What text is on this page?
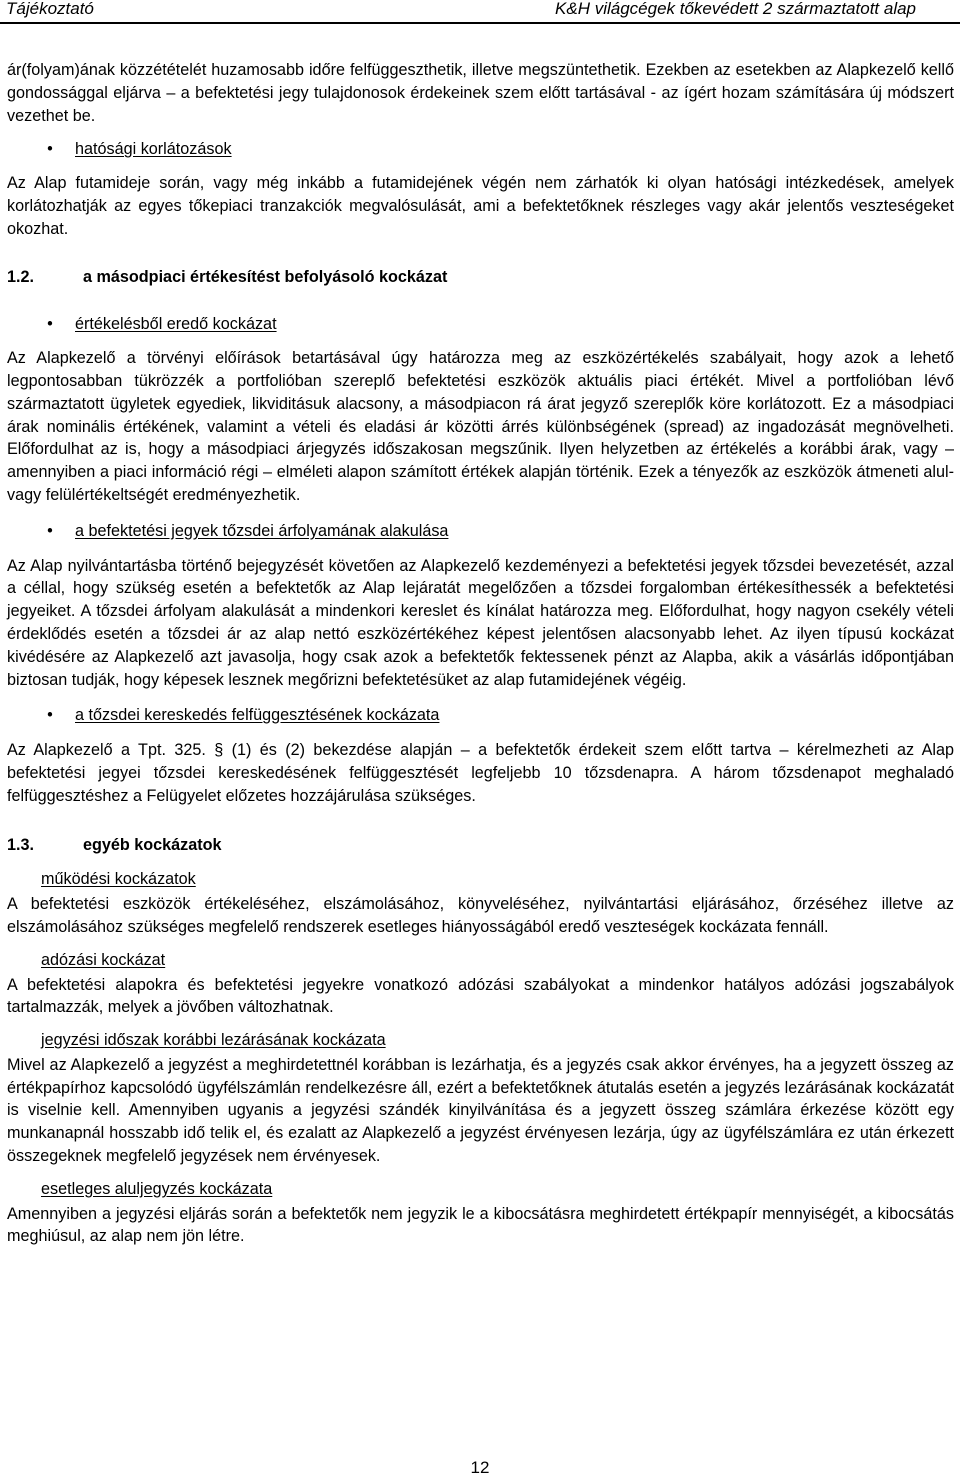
Tájékoztató	K&H világcégek tőkevédett 2 származtatott alap

ár(folyam)ának közzétételét huzamosabb időre felfüggeszthetik, illetve megszüntethetik. Ezekben az esetekben az Alapkezelő kellő gondossággal eljárva – a befektetési jegy tulajdonosok érdekeinek szem előtt tartásával - az ígért hozam számítására új módszert vezethet be.

• hatósági korlátozások

Az Alap futamideje során, vagy még inkább a futamidejének végén nem zárhatók ki olyan hatósági intézkedések, amelyek korlátozhatják az egyes tőkepiaci tranzakciók megvalósulását, ami a befektetőknek részleges vagy akár jelentős veszteségeket okozhat.

1.2.	a másodpiaci értékesítést befolyásoló kockázat
• értékelésből eredő kockázat

Az Alapkezelő a törvényi előírások betartásával úgy határozza meg az eszközértékelés szabályait, hogy azok a lehető legpontosabban tükrözzék a portfolióban szereplő befektetési eszközök aktuális piaci értékét. Mivel a portfolióban lévő származtatott ügyletek egyediek, likviditásuk alacsony, a másodpiacon rá árat jegyző szereplők köre korlátozott. Ez a másodpiaci árak nominális értékének, valamint a vételi és eladási ár közötti árrés különbségének (spread) az ingadozását megnövelheti. Előfordulhat az is, hogy a másodpiaci árjegyzés időszakosan megszűnik. Ilyen helyzetben az értékelés a korábbi árak, vagy – amennyiben a piaci információ régi – elméleti alapon számított értékek alapján történik. Ezek a tényezők az eszközök átmeneti alul- vagy felülértékeltségét eredményezhetik.

• a befektetési jegyek tőzsdei árfolyamának alakulása

Az Alap nyilvántartásba történő bejegyzését követően az Alapkezelő kezdeményezi a befektetési jegyek tőzsdei bevezetését, azzal a céllal, hogy szükség esetén a befektetők az Alap lejáratát megelőzően a tőzsdei forgalomban értékesíthessék a befektetési jegyeiket. A tőzsdei árfolyam alakulását a mindenkori kereslet és kínálat határozza meg. Előfordulhat, hogy nagyon csekély vételi érdeklődés esetén a tőzsdei ár az alap nettó eszközértékéhez képest jelentősen alacsonyabb lehet. Az ilyen típusú kockázat kivédésére az Alapkezelő azt javasolja, hogy csak azok a befektetők fektessenek pénzt az Alapba, akik a vásárlás időpontjában biztosan tudják, hogy képesek lesznek megőrizni befektetésüket az alap futamidejének végéig.

• a tőzsdei kereskedés felfüggesztésének kockázata

Az Alapkezelő a Tpt. 325. § (1) és (2) bekezdése alapján – a befektetők érdekeit szem előtt tartva – kérelmezheti az Alap befektetési jegyei tőzsdei kereskedésének felfüggesztését legfeljebb 10 tőzsdenapra. A három tőzsdenapot meghaladó felfüggesztéshez a Felügyelet előzetes hozzájárulása szükséges.

1.3.	egyéb kockázatok
működési kockázatok

A befektetési eszközök értékeléséhez, elszámolásához, könyveléséhez, nyilvántartási eljárásához, őrzéséhez illetve az elszámolásához szükséges megfelelő rendszerek esetleges hiányosságából eredő veszteségek kockázata fennáll.

adózási kockázat

A befektetési alapokra és befektetési jegyekre vonatkozó adózási szabályokat a mindenkor hatályos adózási jogszabályok tartalmazzák, melyek a jövőben változhatnak.

jegyzési időszak korábbi lezárásának kockázata

Mivel az Alapkezelő a jegyzést a meghirdetettnél korábban is lezárhatja, és a jegyzés csak akkor érvényes, ha a jegyzett összeg az értékpapírhoz kapcsolódó ügyfélszámlán rendelkezésre áll, ezért a befektetőknek átutalás esetén a jegyzés lezárásának kockázatát is viselnie kell. Amennyiben ugyanis a jegyzési szándék kinyilvánítása és a jegyzett összeg számlára érkezése között egy munkanapnál hosszabb idő telik el, és ezalatt az Alapkezelő a jegyzést érvényesen lezárja, úgy az ügyfélszámlára ez után érkezett összegeknek megfelelő jegyzések nem érvényesek.

esetleges aluljegyzés kockázata

Amennyiben a jegyzési eljárás során a befektetők nem jegyzik le a kibocsátásra meghirdetett értékpapír mennyiségét, a kibocsátás meghiúsul, az alap nem jön létre.

12
